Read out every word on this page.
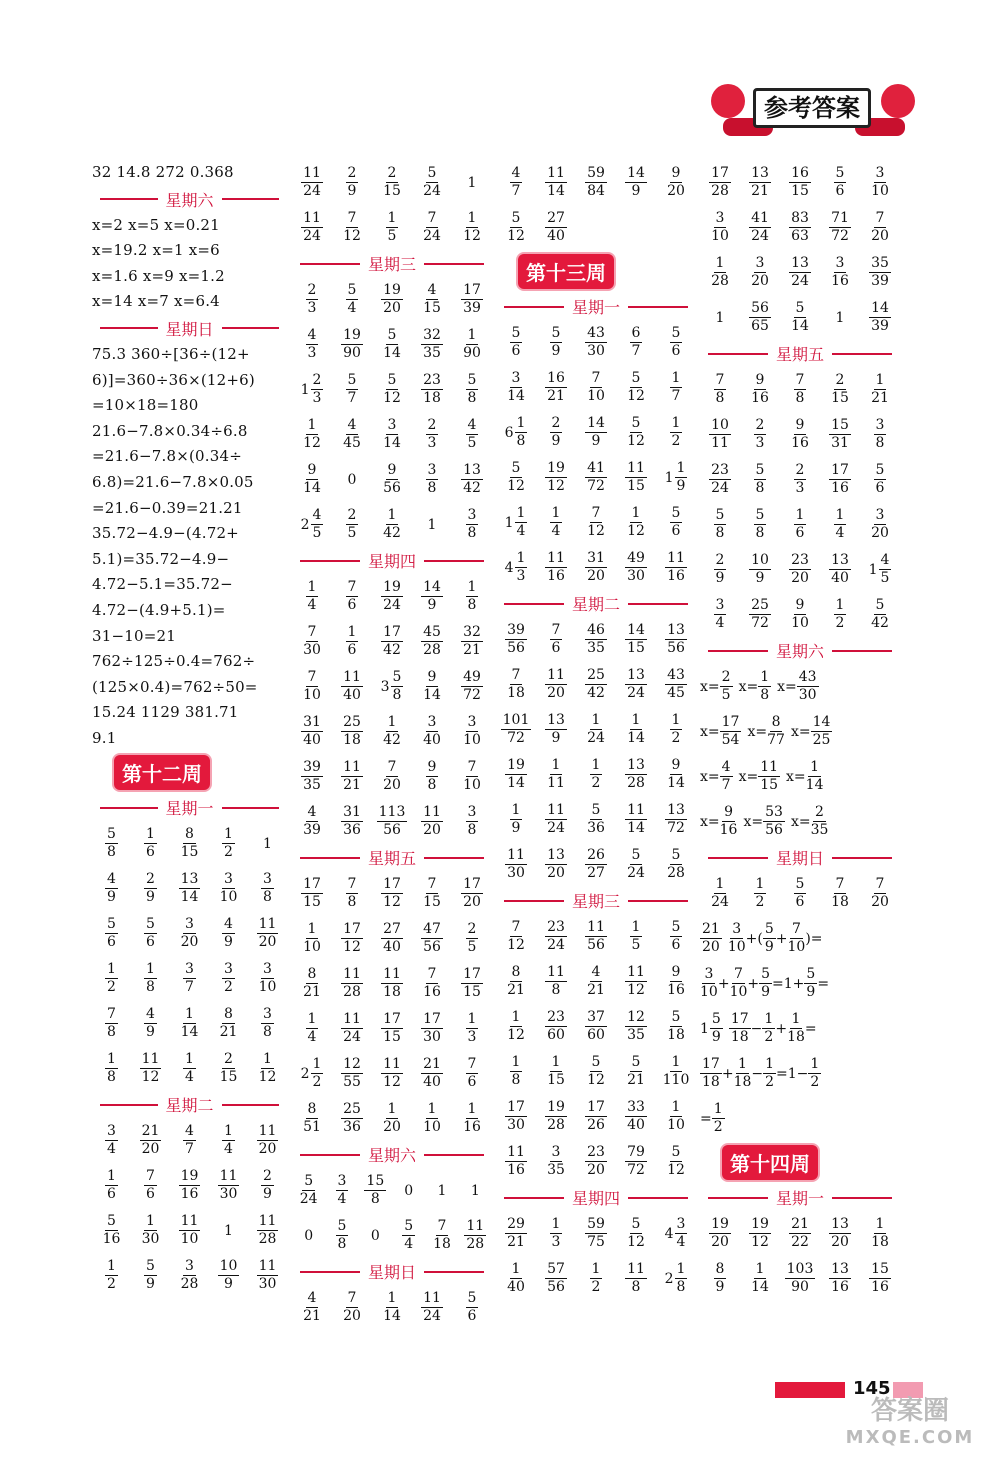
参考答案
32 14.8 272 0.368
星期六
x=2 x=5 x=0.21
x=19.2 x=1 x=6
x=1.6 x=9 x=1.2
x=14 x=7 x=6.4
星期日
75.3 360÷[36÷(12+
6)]=360÷36×(12+6)
=10×18=180
21.6−7.8×0.34÷6.8
=21.6−7.8×(0.34÷
6.8)=21.6−7.8×0.05
=21.6−0.39=21.21
35.72−4.9−(4.72+
5.1)=35.72−4.9−
4.72−5.1=35.72−
4.72−(4.9+5.1)=
31−10=21
762÷125÷0.4=762÷
(125×0.4)=762÷50=
15.24 1129 381.71
9.1
第十二周
星期一
$\frac{5}{8} \frac{1}{6} \frac{8}{15} \frac{1}{2} 1$
$\frac{4}{9} \frac{2}{9} \frac{13}{14} \frac{3}{10} \frac{3}{8}$
$\frac{5}{6} \frac{5}{6} \frac{3}{20} \frac{4}{9} \frac{11}{20}$
$\frac{1}{2} \frac{1}{8} \frac{3}{7} \frac{3}{2} \frac{3}{10}$
$\frac{7}{8} \frac{4}{9} \frac{1}{14} \frac{8}{21} \frac{3}{8}$
$\frac{1}{8} \frac{11}{12} \frac{1}{4} \frac{2}{15} \frac{1}{12}$
星期二
$\frac{3}{4} \frac{21}{20} \frac{4}{7} \frac{1}{4} \frac{11}{20}$
$\frac{1}{6} \frac{7}{6} \frac{19}{16} \frac{11}{30} \frac{2}{9}$
$\frac{5}{16} \frac{1}{30} \frac{11}{10} 1 \frac{11}{28}$
$\frac{1}{2} \frac{5}{9} \frac{3}{28} \frac{10}{9} \frac{11}{30}$
$\frac{11}{24} \frac{2}{9} \frac{2}{15} \frac{5}{24} 1$
$\frac{11}{24} \frac{7}{12} \frac{1}{5} \frac{7}{24} \frac{1}{12}$
星期三
$\frac{2}{3} \frac{5}{4} \frac{19}{20} \frac{4}{15} \frac{17}{39}$
$\frac{4}{3} \frac{19}{90} \frac{5}{14} \frac{32}{35} \frac{1}{90}$
$1 \frac{2}{3} \frac{5}{7} \frac{5}{12} \frac{23}{18} \frac{5}{8}$
$\frac{1}{12} \frac{4}{45} \frac{3}{14} \frac{2}{3} \frac{4}{5}$
$\frac{9}{14} 0 \frac{9}{56} \frac{3}{8} \frac{13}{42}$
$2 \frac{4}{5} \frac{2}{5} \frac{1}{42} 1 \frac{3}{8}$
星期四
$\frac{1}{4} \frac{7}{6} \frac{19}{24} \frac{14}{9} \frac{1}{8}$
$\frac{7}{30} \frac{1}{6} \frac{17}{42} \frac{45}{28} \frac{32}{21}$
$\frac{7}{10} \frac{11}{40} 3 \frac{5}{8} \frac{9}{14} \frac{49}{72}$
$\frac{31}{40} \frac{25}{18} \frac{1}{42} \frac{3}{40} \frac{3}{10}$
$\frac{39}{35} \frac{11}{21} \frac{7}{20} \frac{9}{8} \frac{7}{10}$
$\frac{4}{39} \frac{31}{36} \frac{113}{56} \frac{11}{20} \frac{3}{8}$
星期五
$\frac{17}{15} \frac{7}{8} \frac{17}{12} \frac{7}{15} \frac{17}{20}$
$\frac{1}{10} \frac{17}{12} \frac{27}{40} \frac{47}{56} \frac{2}{5}$
$\frac{8}{21} \frac{11}{28} \frac{11}{18} \frac{7}{16} \frac{17}{15}$
$\frac{1}{4} \frac{11}{24} \frac{17}{15} \frac{17}{30} \frac{1}{3}$
$2 \frac{1}{2} \frac{12}{55} \frac{11}{12} \frac{21}{40} \frac{7}{6}$
$\frac{8}{51} \frac{25}{36} \frac{1}{20} \frac{1}{10} \frac{1}{16}$
星期六
$\frac{5}{24} \frac{3}{4} \frac{15}{8} 0$ 1 1
$0 \frac{5}{8} 0 \frac{5}{4} \frac{7}{18} \frac{11}{28}$
星期日
$\frac{4}{21} \frac{7}{20} \frac{1}{14} \frac{11}{24} \frac{5}{6}$
$\frac{4}{7} \frac{11}{14} \frac{59}{84} \frac{14}{9} \frac{9}{20}$
$\frac{5}{12} \frac{27}{40}$
第十三周
星期一
$\frac{5}{6} \frac{5}{9} \frac{43}{30} \frac{6}{7} \frac{5}{6}$
$\frac{3}{14} \frac{16}{21} \frac{7}{10} \frac{5}{12} \frac{1}{7}$
$6 \frac{1}{8} \frac{2}{9} \frac{14}{9} \frac{5}{12} \frac{1}{2}$
$\frac{5}{12} \frac{19}{12} \frac{41}{72} \frac{11}{15} 1 \frac{1}{9}$
$1 \frac{1}{4} \frac{1}{4} \frac{7}{12} \frac{1}{12} \frac{5}{6}$
$4 \frac{1}{3} \frac{11}{16} \frac{31}{20} \frac{49}{30} \frac{11}{16}$
星期二
$\frac{39}{56} \frac{7}{6} \frac{46}{35} \frac{14}{15} \frac{13}{56}$
$\frac{7}{18} \frac{11}{20} \frac{25}{42} \frac{13}{24} \frac{43}{45}$
$\frac{101}{72} \frac{13}{9} \frac{1}{24} \frac{1}{14} \frac{1}{2}$
$\frac{19}{14} \frac{1}{11} \frac{1}{2} \frac{13}{28} \frac{9}{14}$
$\frac{1}{9} \frac{11}{24} \frac{5}{36} \frac{11}{14} \frac{13}{72}$
$\frac{11}{30} \frac{13}{20} \frac{26}{27} \frac{5}{24} \frac{5}{28}$
星期三
$\frac{7}{12} \frac{23}{24} \frac{11}{56} \frac{1}{5} \frac{5}{6}$
$\frac{8}{21} \frac{11}{8} \frac{4}{21} \frac{11}{12} \frac{9}{16}$
$\frac{1}{12} \frac{23}{60} \frac{37}{60} \frac{12}{35} \frac{5}{18}$
$\frac{1}{8} \frac{1}{15} \frac{5}{12} \frac{5}{21} \frac{1}{110}$
$\frac{17}{30} \frac{19}{28} \frac{17}{26} \frac{33}{40} \frac{1}{10}$
$\frac{11}{16} \frac{3}{35} \frac{23}{20} \frac{79}{72} \frac{5}{12}$
星期四
$\frac{29}{21} \frac{1}{3} \frac{59}{75} \frac{5}{12} 4 \frac{3}{4}$
$\frac{1}{40} \frac{57}{56} \frac{1}{2} \frac{11}{8} 2 \frac{1}{8}$
$\frac{17}{28} \frac{13}{21} \frac{16}{15} \frac{5}{6} \frac{3}{10}$
$\frac{3}{10} \frac{41}{24} \frac{83}{63} \frac{71}{72} \frac{7}{20}$
$\frac{1}{28} \frac{3}{20} \frac{13}{24} \frac{3}{16} \frac{35}{39}$
$1 \frac{56}{65} \frac{5}{14} 1 \frac{14}{39}$
星期五
$\frac{7}{8} \frac{9}{16} \frac{7}{8} \frac{2}{15} \frac{1}{21}$
$\frac{10}{11} \frac{2}{3} \frac{9}{16} \frac{15}{31} \frac{3}{8}$
$\frac{23}{24} \frac{5}{8} \frac{2}{3} \frac{17}{16} \frac{5}{6}$
$\frac{5}{8} \frac{5}{8} \frac{1}{6} \frac{1}{4} \frac{3}{20}$
$\frac{2}{9} \frac{10}{9} \frac{23}{20} \frac{13}{40} 1 \frac{4}{5}$
$\frac{3}{4} \frac{25}{72} \frac{9}{10} \frac{1}{2} \frac{5}{42}$
星期六
$x= \frac{2}{5} x= \frac{1}{8} x= \frac{43}{30}$
$x= \frac{17}{54} x= \frac{8}{77} x= \frac{14}{25}$
$x= \frac{4}{7} x= \frac{11}{15} x= \frac{1}{14}$
$x= \frac{9}{16} x= \frac{53}{56} x= \frac{2}{35}$
星期日
$\frac{1}{24} \frac{1}{2} \frac{5}{6} \frac{7}{18} \frac{7}{20}$
$\frac{21}{20} \frac{3}{10}$ +( $\frac{5}{9} + \frac{7}{10}$ )=
$\frac{3}{10} + \frac{7}{10} + \frac{5}{9} =1+ \frac{5}{9}$ =
$1 \frac{5}{9} \frac{17}{18} - \frac{1}{2} + \frac{1}{18}$ =
$\frac{17}{18} + \frac{1}{18} - \frac{1}{2} =1- \frac{1}{2}$
= $\frac{1}{2}$
第十四周
星期一
$\frac{19}{20} \frac{19}{12} \frac{21}{22} \frac{13}{20} \frac{1}{18}$
$\frac{8}{9} \frac{1}{14} \frac{103}{90} \frac{13}{16} \frac{15}{16}$
145
答案圈
MXQE.COM
